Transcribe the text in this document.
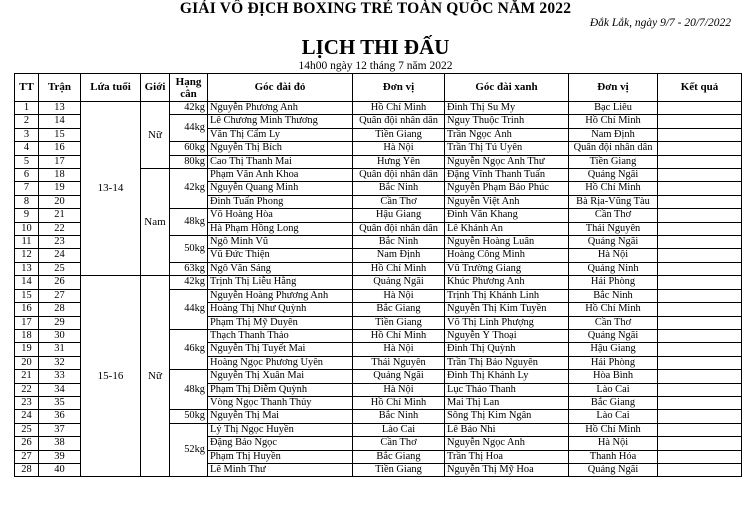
GIẢI VÔ ĐỊCH BOXING TRẺ TOÀN QUỐC NĂM 2022
Đắk Lắk, ngày 9/7 - 20/7/2022
LỊCH THI ĐẤU
14h00 ngày 12 tháng 7 năm 2022
TT	Trận	Lứa tuổi	Giới	Hạng cân	Góc đài đỏ	Đơn vị	Góc đài xanh	Đơn vị	Kết quả
1	13	13-14	Nữ	42kg	Nguyễn Phương Anh	Hồ Chí Minh	Đinh Thị Su My	Bạc Liêu	
2	14			44kg	Lê Chương Minh Thương	Quân đội nhân dân	Nguy Thuộc Trinh	Hồ Chí Minh	
3	15				Văn Thị Cẩm Ly	Tiền Giang	Trần Ngọc Ánh	Nam Định	
4	16			60kg	Nguyễn Thị Bích	Hà Nội	Trần Thị Tú Uyên	Quân đội nhân dân	
5	17			80kg	Cao Thị Thanh Mai	Hưng Yên	Nguyễn Ngọc Anh Thư	Tiền Giang	
6	18		Nam	42kg	Phạm Văn Anh Khoa	Quân đội nhân dân	Đặng Vĩnh Thanh Tuấn	Quảng Ngãi	
7	19				Nguyễn Quang Minh	Bắc Ninh	Nguyễn Phạm Bảo Phúc	Hồ Chí Minh	
8	20				Đinh Tuấn Phong	Cần Thơ	Nguyễn Việt Anh	Bà Rịa-Vũng Tàu	
9	21			48kg	Võ Hoàng Hòa	Hậu Giang	Đinh Văn Khang	Cần Thơ	
10	22				Hà Phạm Hồng Long	Quân đội nhân dân	Lê Khánh An	Thái Nguyên	
11	23			50kg	Ngô Minh Vũ	Bắc Ninh	Nguyễn Hoàng Luân	Quảng Ngãi	
12	24				Vũ Đức Thiện	Nam Định	Hoàng Công Minh	Hà Nội	
13	25			63kg	Ngô Văn Sáng	Hồ Chí Minh	Vũ Trường Giang	Quảng Ninh	
14	26	15-16	Nữ	42kg	Trịnh Thị Liễu Hằng	Quảng Ngãi	Khúc Phương Anh	Hải Phòng	
15	27			44kg	Nguyễn Hoàng Phương Anh	Hà Nội	Trịnh Thị Khánh Linh	Bắc Ninh	
16	28				Hoàng Thị Như Quỳnh	Bắc Giang	Nguyễn Thị Kim Tuyền	Hồ Chí Minh	
17	29				Phạm Thị Mỹ Duyên	Tiền Giang	Võ Thị Linh Phượng	Cần Thơ	
18	30			46kg	Thạch Thanh Thảo	Hồ Chí Minh	Nguyễn Ý Thoại	Quảng Ngãi	
19	31				Nguyễn Thị Tuyết Mai	Hà Nội	Đinh Thị Quỳnh	Hậu Giang	
20	32				Hoàng Ngọc Phương Uyên	Thái Nguyên	Trần Thị Bảo Nguyên	Hải Phòng	
21	33			48kg	Nguyễn Thị Xuân Mai	Quảng Ngãi	Đinh Thị Khánh Ly	Hòa Bình	
22	34				Phạm Thị Diễm Quỳnh	Hà Nội	Lục Thảo Thanh	Lào Cai	
23	35				Vòng Ngọc Thanh Thủy	Hồ Chí Minh	Mai Thị Lan	Bắc Giang	
24	36			50kg	Nguyễn Thị Mai	Bắc Ninh	Sông Thị Kim Ngân	Lào Cai	
25	37			52kg	Lý Thị Ngọc Huyền	Lào Cai	Lê Bảo Nhi	Hồ Chí Minh	
26	38				Đặng Bảo Ngọc	Cần Thơ	Nguyễn Ngọc Anh	Hà Nội	
27	39				Phạm Thị Huyền	Bắc Giang	Trần Thị Hoa	Thanh Hóa	
28	40				Lê Minh Thư	Tiền Giang	Nguyễn Thị Mỹ Hoa	Quảng Ngãi	
